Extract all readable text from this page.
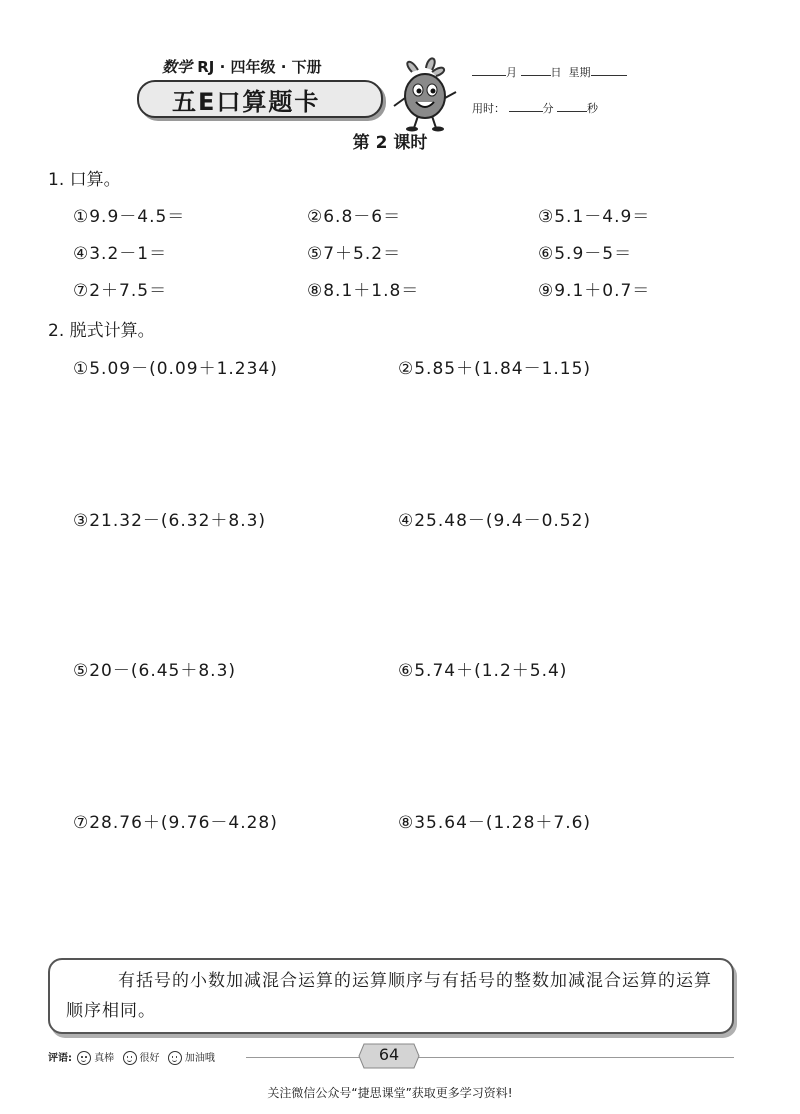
数学 RJ · 四年级 · 下册
五E口算题卡
月	日 星期
用时：	分	秒
第 2 课时
1. 口算。
①9.9－4.5＝	②6.8－6＝	③5.1－4.9＝
④3.2－1＝	⑤7＋5.2＝	⑥5.9－5＝
⑦2＋7.5＝	⑧8.1＋1.8＝	⑨9.1＋0.7＝
2. 脱式计算。
①5.09－(0.09＋1.234)	②5.85＋(1.84－1.15)
③21.32－(6.32＋8.3)	④25.48－(9.4－0.52)
⑤20－(6.45＋8.3)	⑥5.74＋(1.2＋5.4)
⑦28.76＋(9.76－4.28)	⑧35.64－(1.28＋7.6)
有括号的小数加减混合运算的运算顺序与有括号的整数加减混合运算的运算顺序相同。
评语: 真棒	很好	加油哦	64
关注微信公众号“捷思课堂”获取更多学习资料!
